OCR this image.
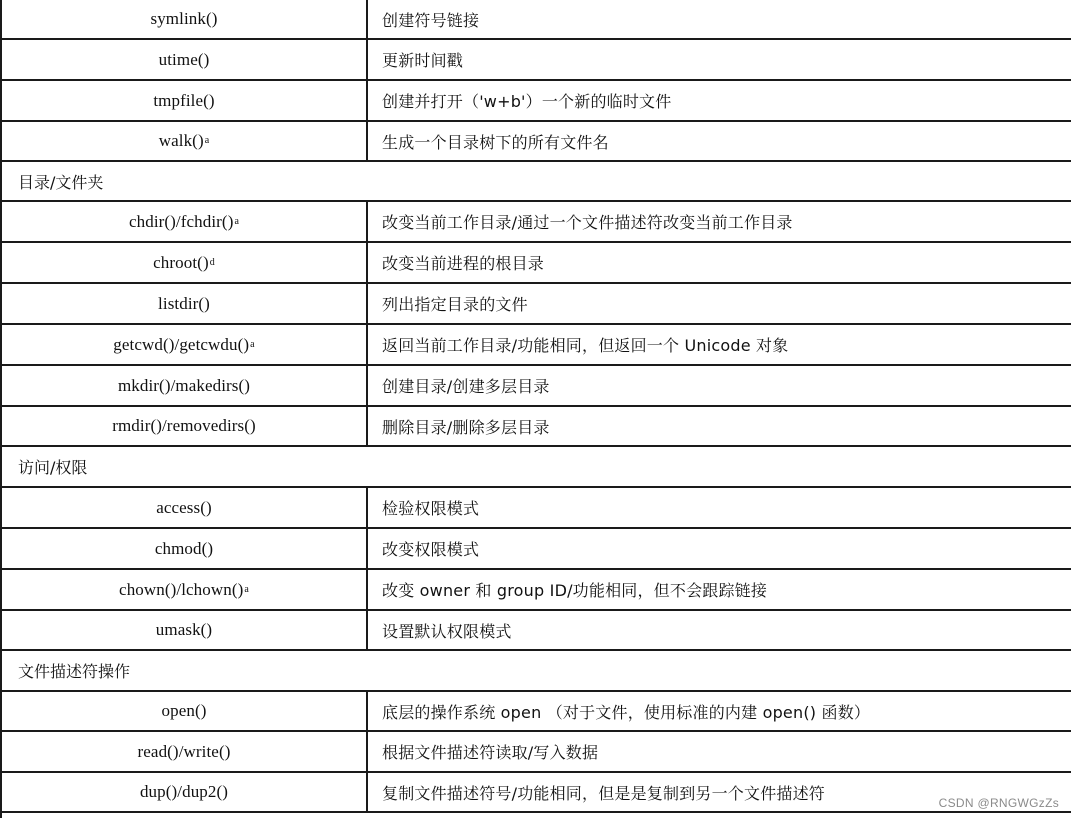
symlink()	创建符号链接
utime()	更新时间戳
tmpfile()	创建并打开（'w+b'）一个新的临时文件
walk() a	生成一个目录树下的所有文件名
目录/文件夹
chdir()/fchdir() a	改变当前工作目录/通过一个文件描述符改变当前工作目录
chroot() d	改变当前进程的根目录
listdir()	列出指定目录的文件
getcwd()/getcwdu() a	返回当前工作目录/功能相同，但返回一个 Unicode 对象
mkdir()/makedirs()	创建目录/创建多层目录
rmdir()/removedirs()	删除目录/删除多层目录
访问/权限
access()	检验权限模式
chmod()	改变权限模式
chown()/lchown() a	改变 owner 和 group ID/功能相同，但不会跟踪链接
umask()	设置默认权限模式
文件描述符操作
open()	底层的操作系统 open （对于文件，使用标准的内建 open() 函数）
read()/write()	根据文件描述符读取/写入数据
dup()/dup2()	复制文件描述符号/功能相同，但是是复制到另一个文件描述符
CSDN @RNGWGzZs
